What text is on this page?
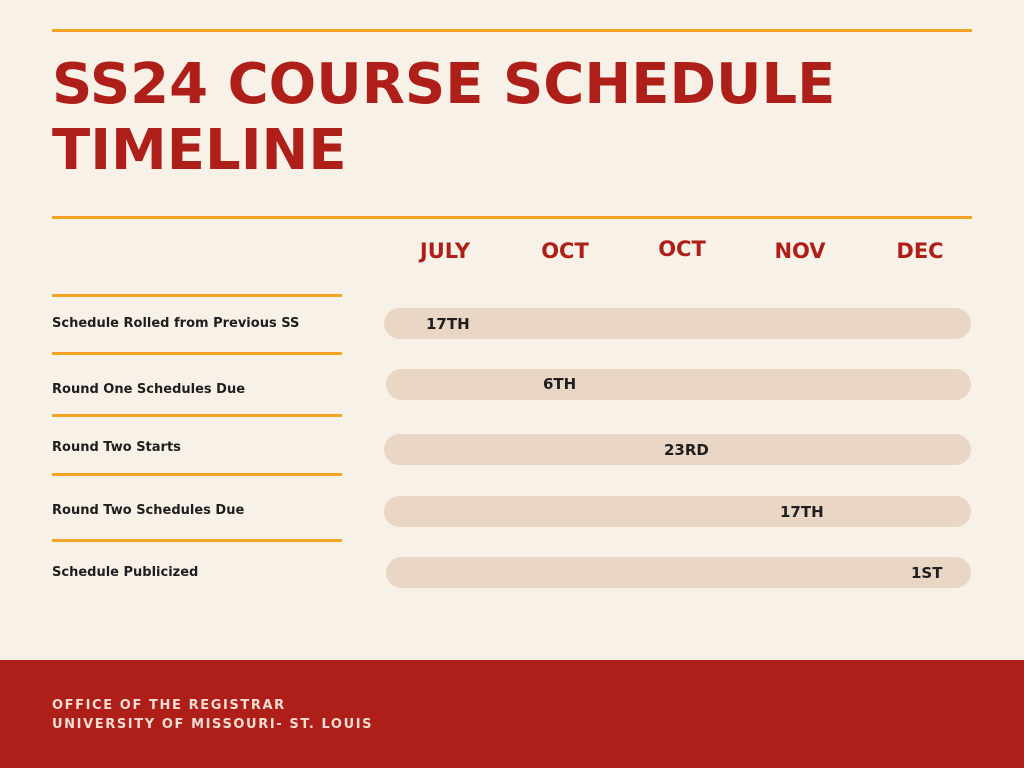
SS24 COURSE SCHEDULE
TIMELINE
JULY	OCT	OCT	NOV	DEC
Schedule Rolled from Previous SS	17TH
Round One Schedules Due	6TH
Round Two Starts	23RD
Round Two Schedules Due	17TH
Schedule Publicized	1ST
OFFICE OF THE REGISTRAR
UNIVERSITY OF MISSOURI- ST. LOUIS
